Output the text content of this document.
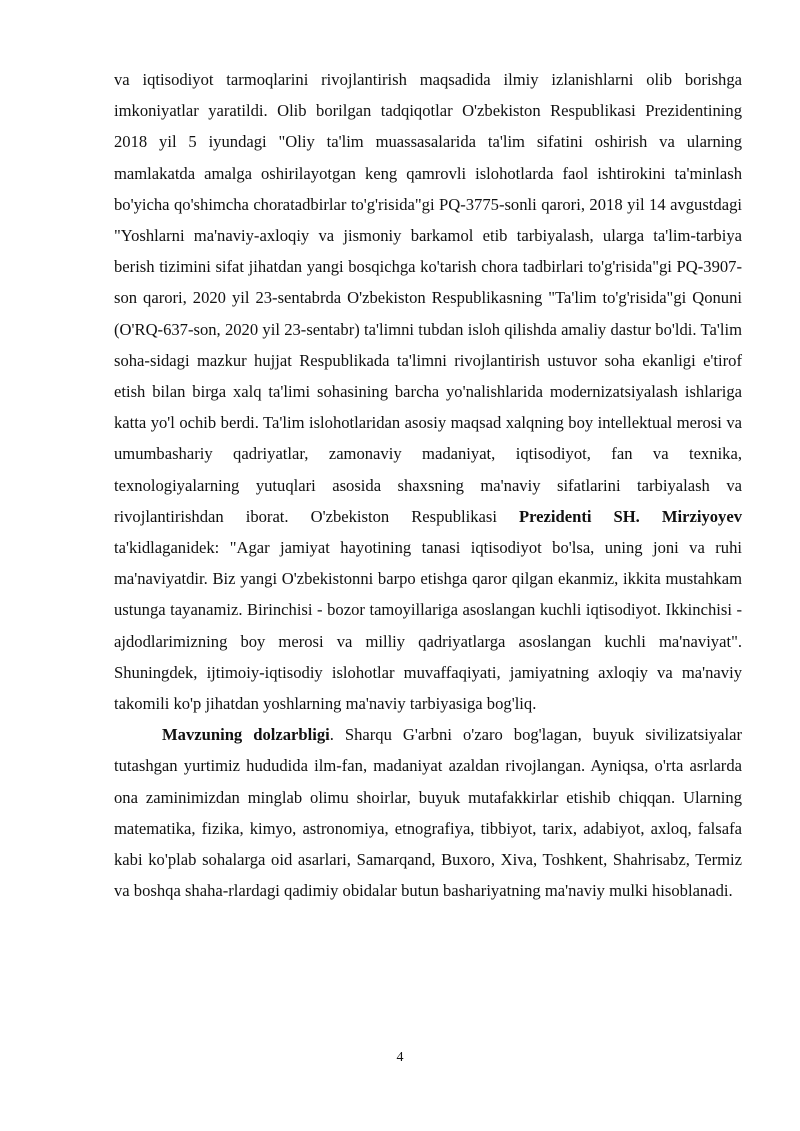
va iqtisodiyot tarmoqlarini rivojlantirish maqsadida ilmiy izlanishlarni olib borishga imkoniyatlar yaratildi. Olib borilgan tadqiqotlar O'zbekiston Respublikasi Prezidentining 2018 yil 5 iyundagi "Oliy ta'lim muassasalarida ta'lim sifatini oshirish va ularning mamlakatda amalga oshirilayotgan keng qamrovli islohotlarda faol ishtirokini ta'minlash bo'yicha qo'shimcha choratadbirlar to'g'risida"gi PQ-3775-sonli qarori, 2018 yil 14 avgustdagi "Yoshlarni ma'naviy-axloqiy va jismoniy barkamol etib tarbiyalash, ularga ta'lim-tarbiya berish tizimini sifat jihatdan yangi bosqichga ko'tarish chora tadbirlari to'g'risida"gi PQ-3907-son qarori, 2020 yil 23-sentabrda O'zbekiston Respublikasning "Ta'lim to'g'risida"gi Qonuni (O'RQ-637-son, 2020 yil 23-sentabr) ta'limni tubdan isloh qilishda amaliy dastur bo'ldi. Ta'lim soha-sidagi mazkur hujjat Respublikada ta'limni rivojlantirish ustuvor soha ekanligi e'tirof etish bilan birga xalq ta'limi sohasining barcha yo'nalishlarida modernizatsiyalash ishlariga katta yo'l ochib berdi. Ta'lim islohotlaridan asosiy maqsad xalqning boy intellektual merosi va umumbashariy qadriyatlar, zamonaviy madaniyat, iqtisodiyot, fan va texnika, texnologiyalarning yutuqlari asosida shaxsning ma'naviy sifatlarini tarbiyalash va rivojlantirishdan iborat. O'zbekiston Respublikasi Prezidenti SH. Mirziyoyev ta'kidlaganidek: "Agar jamiyat hayotining tanasi iqtisodiyot bo'lsa, uning joni va ruhi ma'naviyatdir. Biz yangi O'zbekistonni barpo etishga qaror qilgan ekanmiz, ikkita mustahkam ustunga tayanamiz. Birinchisi - bozor tamoyillariga asoslangan kuchli iqtisodiyot. Ikkinchisi - ajdodlarimizning boy merosi va milliy qadriyatlarga asoslangan kuchli ma'naviyat". Shuningdek, ijtimoiy-iqtisodiy islohotlar muvaffaqiyati, jamiyatning axloqiy va ma'naviy takomili ko'p jihatdan yoshlarning ma'naviy tarbiyasiga bog'liq.

Mavzuning dolzarbligi. Sharqu G'arbni o'zaro bog'lagan, buyuk sivilizatsiyalar tutashgan yurtimiz hududida ilm-fan, madaniyat azaldan rivojlangan. Ayniqsa, o'rta asrlarda ona zaminimizdan minglab olimu shoirlar, buyuk mutafakkirlar etishib chiqqan. Ularning matematika, fizika, kimyo, astronomiya, etnografiya, tibbiyot, tarix, adabiyot, axloq, falsafa kabi ko'plab sohalarga oid asarlari, Samarqand, Buxoro, Xiva, Toshkent, Shahrisabz, Termiz va boshqa shaha-rlardagi qadimiy obidalar butun bashariyatning ma'naviy mulki hisoblanadi.

4
